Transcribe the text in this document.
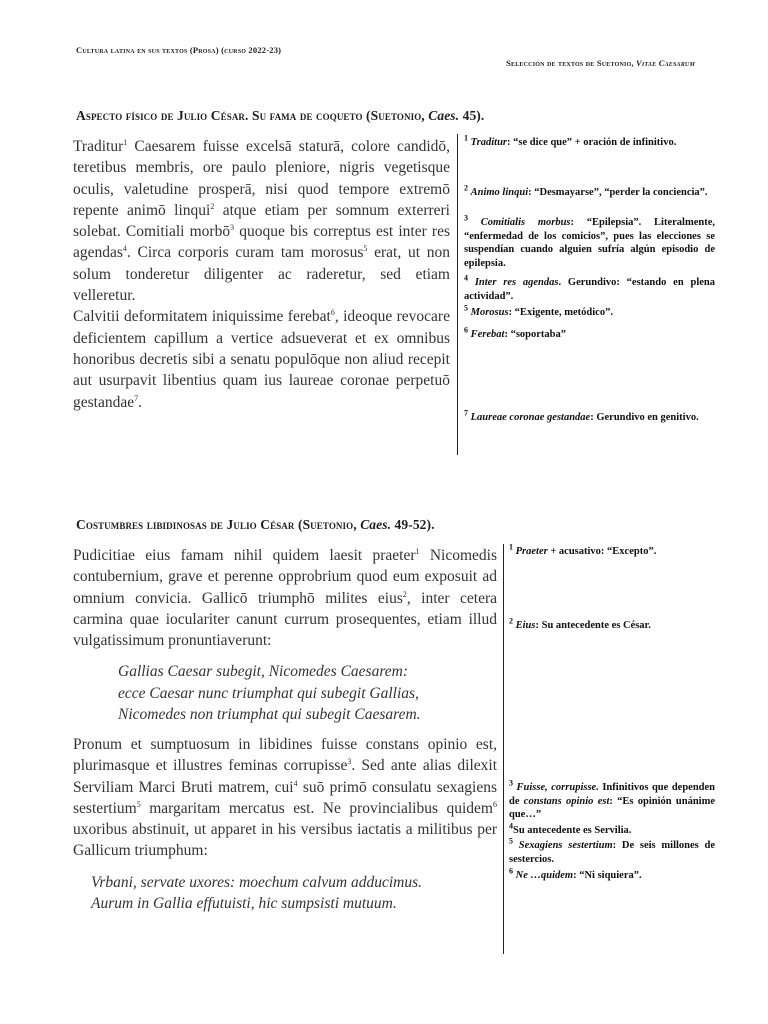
Cultura latina en sus textos (Prosa) (curso 2022-23)
Selección de textos de Suetonio, Vitae Caesarum
Aspecto físico de Julio César. Su fama de coqueto (Suetonio, Caes. 45).

Traditur$^1$ Caesarem fuisse excelsā staturā, colore candidō, teretibus membris, ore paulo pleniore, nigris vegetisque oculis, valetudine prosperā, nisi quod tempore extremō repente animō linqui$^2$ atque etiam per somnum exterreri solebat. Comitiali morbō$^3$ quoque bis correptus est inter res agendas$^4$. Circa corporis curam tam morosus$^5$ erat, ut non solum tonderetur diligenter ac raderetur, sed etiam velleretur.

Calvitii deformitatem iniquissime ferebat$^6$, ideoque revocare deficientem capillum a vertice adsueverat et ex omnibus honoribus decretis sibi a senatu populōque non aliud recepit aut usurpavit libentius quam ius laureae coronae perpetuō gestandae$^7$.

$^1$ Traditur: “se dice que” + oración de infinitivo.
$^2$ Animo linqui: “Desmayarse”, “perder la conciencia”.
$^3$ Comitialis morbus: “Epilepsia”. Literalmente, “enfermedad de los comicios”, pues las elecciones se suspendían cuando alguien sufría algún episodio de epilepsia.
$^4$ Inter res agendas. Gerundivo: “estando en plena actividad”.
$^5$ Morosus: “Exigente, metódico”.
$^6$ Ferebat: “soportaba”
$^7$ Laureae coronae gestandae: Gerundivo en genitivo.
Costumbres libidinosas de Julio César (Suetonio, Caes. 49-52).

Pudicitiae eius famam nihil quidem laesit praeter$^1$ Nicomedis contubernium, grave et perenne opprobrium quod eum exposuit ad omnium convicia. Gallicō triumphō milites eius$^2$, inter cetera carmina quae ioculariter canunt currum prosequentes, etiam illud vulgatissimum pronuntiaverunt:

Gallias Caesar subegit, Nicomedes Caesarem:
ecce Caesar nunc triumphat qui subegit Gallias,
Nicomedes non triumphat qui subegit Caesarem.

Pronum et sumptuosum in libidines fuisse constans opinio est, plurimasque et illustres feminas corrupisse$^3$. Sed ante alias dilexit Serviliam Marci Bruti matrem, cui$^4$ suō primō consulatu sexagiens sestertium$^5$ margaritam mercatus est. Ne provincialibus quidem$^6$ uxoribus abstinuit, ut apparet in his versibus iactatis a militibus per Gallicum triumphum:

Vrbani, servate uxores: moechum calvum adducimus.
Aurum in Gallia effutuisti, hic sumpsisti mutuum.
$^1$ Praeter + acusativo: “Excepto”.
$^2$ Eius: Su antecedente es César.
$^3$ Fuisse, corrupisse. Infinitivos que dependen de constans opinio est: “Es opinión unánime que…”
$^4$Su antecedente es Servilia.
$^5$ Sexagiens sestertium: De seis millones de sestercios.
$^6$ Ne …quidem: “Ni siquiera”.
